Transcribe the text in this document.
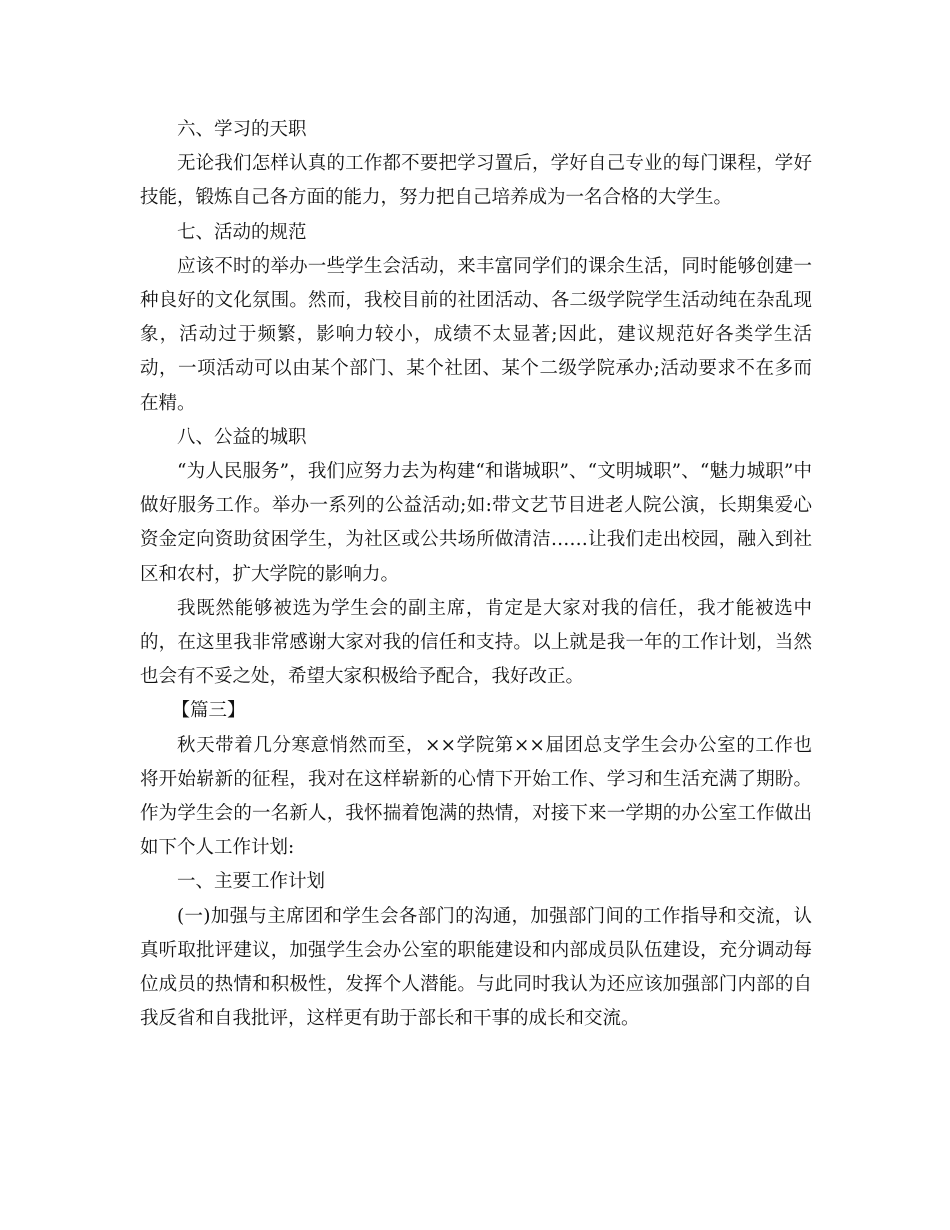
六、学习的天职

无论我们怎样认真的工作都不要把学习置后，学好自己专业的每门课程，学好技能，锻炼自己各方面的能力，努力把自己培养成为一名合格的大学生。

七、活动的规范

应该不时的举办一些学生会活动，来丰富同学们的课余生活，同时能够创建一种良好的文化氛围。然而，我校目前的社团活动、各二级学院学生活动纯在杂乱现象，活动过于频繁，影响力较小，成绩不太显著;因此，建议规范好各类学生活动，一项活动可以由某个部门、某个社团、某个二级学院承办;活动要求不在多而在精。

八、公益的城职

“为人民服务”，我们应努力去为构建“和谐城职”、“文明城职”、“魅力城职”中做好服务工作。举办一系列的公益活动;如:带文艺节目进老人院公演，长期集爱心资金定向资助贫困学生，为社区或公共场所做清洁……让我们走出校园，融入到社区和农村，扩大学院的影响力。

我既然能够被选为学生会的副主席，肯定是大家对我的信任，我才能被选中的，在这里我非常感谢大家对我的信任和支持。以上就是我一年的工作计划，当然也会有不妥之处，希望大家积极给予配合，我好改正。

【篇三】

秋天带着几分寒意悄然而至，××学院第××届团总支学生会办公室的工作也将开始崭新的征程，我对在这样崭新的心情下开始工作、学习和生活充满了期盼。作为学生会的一名新人，我怀揣着饱满的热情，对接下来一学期的办公室工作做出如下个人工作计划:

一、主要工作计划

(一)加强与主席团和学生会各部门的沟通，加强部门间的工作指导和交流，认真听取批评建议，加强学生会办公室的职能建设和内部成员队伍建设，充分调动每位成员的热情和积极性，发挥个人潜能。与此同时我认为还应该加强部门内部的自我反省和自我批评，这样更有助于部长和干事的成长和交流。
